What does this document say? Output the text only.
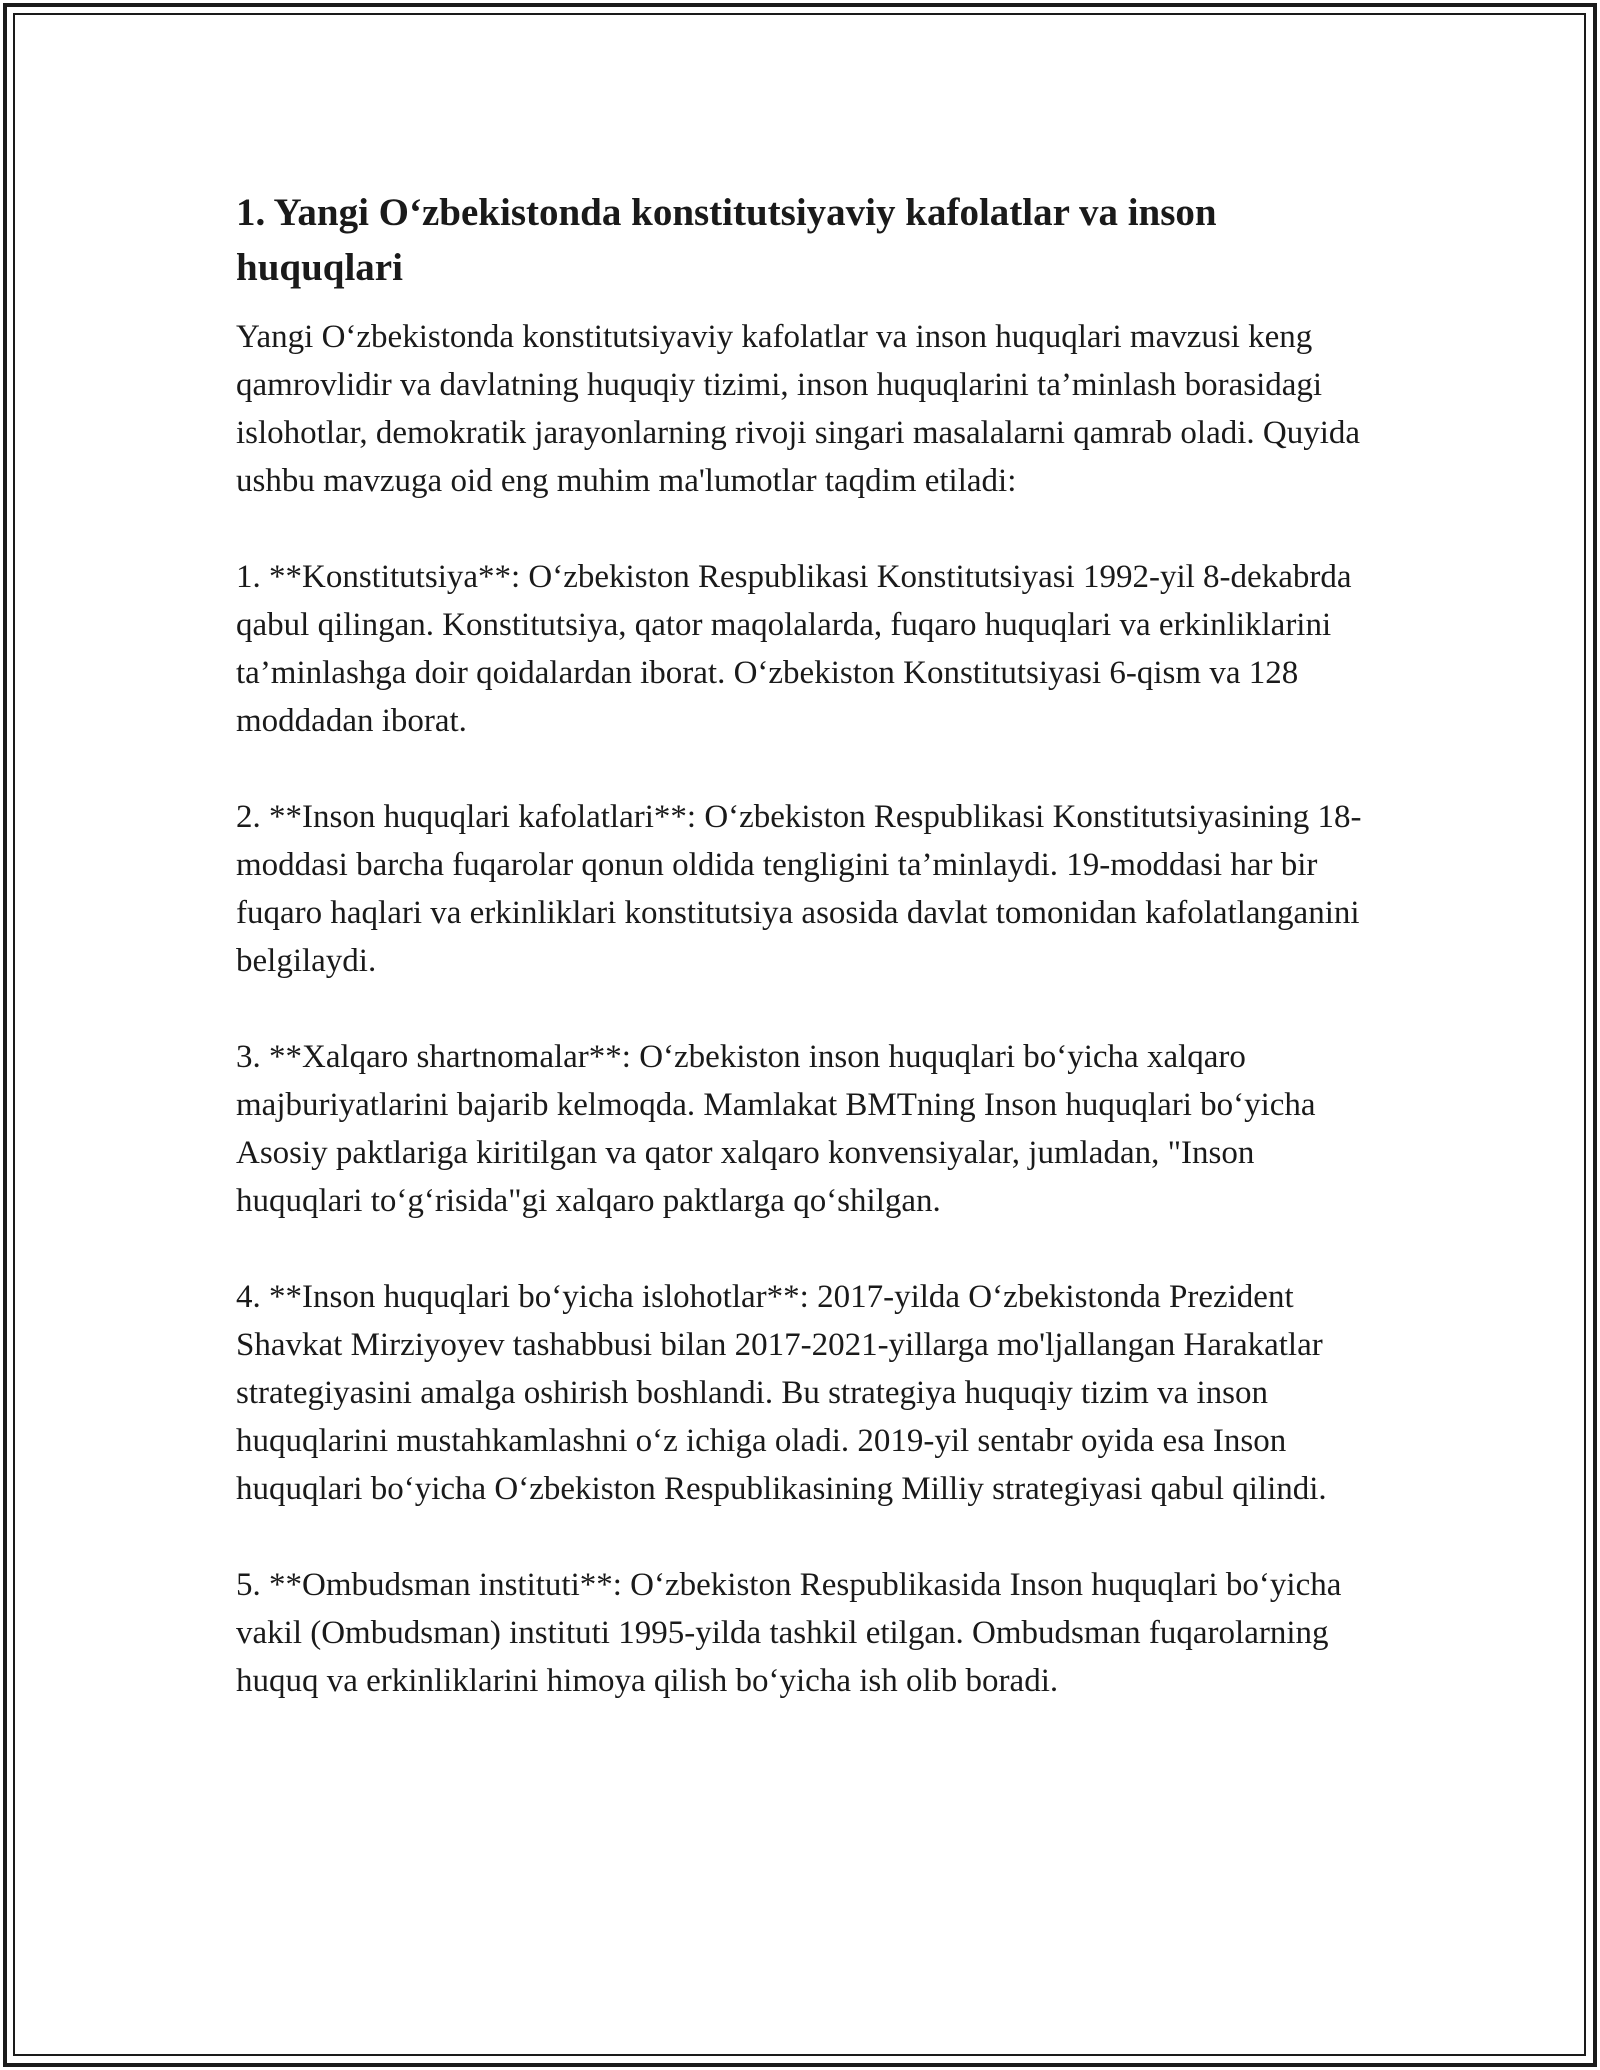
1. Yangi O‘zbekistonda konstitutsiyaviy kafolatlar va inson huquqlari

Yangi O‘zbekistonda konstitutsiyaviy kafolatlar va inson huquqlari mavzusi keng qamrovlidir va davlatning huquqiy tizimi, inson huquqlarini ta’minlash borasidagi islohotlar, demokratik jarayonlarning rivoji singari masalalarni qamrab oladi. Quyida ushbu mavzuga oid eng muhim ma'lumotlar taqdim etiladi:

1. **Konstitutsiya**: O‘zbekiston Respublikasi Konstitutsiyasi 1992-yil 8-dekabrda qabul qilingan. Konstitutsiya, qator maqolalarda, fuqaro huquqlari va erkinliklarini ta’minlashga doir qoidalardan iborat. O‘zbekiston Konstitutsiyasi 6-qism va 128 moddadan iborat.

2. **Inson huquqlari kafolatlari**: O‘zbekiston Respublikasi Konstitutsiyasining 18-moddasi barcha fuqarolar qonun oldida tengligini ta’minlaydi. 19-moddasi har bir fuqaro haqlari va erkinliklari konstitutsiya asosida davlat tomonidan kafolatlanganini belgilaydi.

3. **Xalqaro shartnomalar**: O‘zbekiston inson huquqlari bo‘yicha xalqaro majburiyatlarini bajarib kelmoqda. Mamlakat BMTning Inson huquqlari bo‘yicha Asosiy paktlariga kiritilgan va qator xalqaro konvensiyalar, jumladan, "Inson huquqlari to‘g‘risida"gi xalqaro paktlarga qo‘shilgan.

4. **Inson huquqlari bo‘yicha islohotlar**: 2017-yilda O‘zbekistonda Prezident Shavkat Mirziyoyev tashabbusi bilan 2017-2021-yillarga mo'ljallangan Harakatlar strategiyasini amalga oshirish boshlandi. Bu strategiya huquqiy tizim va inson huquqlarini mustahkamlashni o‘z ichiga oladi. 2019-yil sentabr oyida esa Inson huquqlari bo‘yicha O‘zbekiston Respublikasining Milliy strategiyasi qabul qilindi.

5. **Ombudsman instituti**: O‘zbekiston Respublikasida Inson huquqlari bo‘yicha vakil (Ombudsman) instituti 1995-yilda tashkil etilgan. Ombudsman fuqarolarning huquq va erkinliklarini himoya qilish bo‘yicha ish olib boradi.
